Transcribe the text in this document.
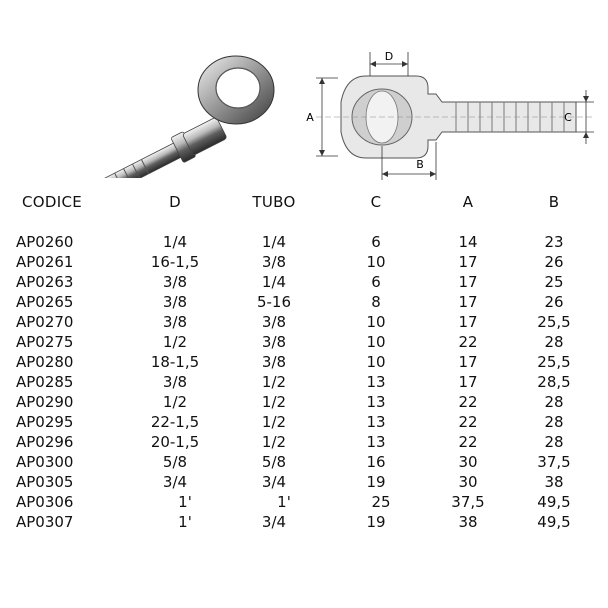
D
A
B
C
CODICE	D	TUBO	C	A	B
AP0260	1/4	1/4	6	14	23
AP0261	16-1,5	3/8	10	17	26
AP0263	3/8	1/4	6	17	25
AP0265	3/8	5-16	8	17	26
AP0270	3/8	3/8	10	17	25,5
AP0275	1/2	3/8	10	22	28
AP0280	18-1,5	3/8	10	17	25,5
AP0285	3/8	1/2	13	17	28,5
AP0290	1/2	1/2	13	22	28
AP0295	22-1,5	1/2	13	22	28
AP0296	20-1,5	1/2	13	22	28
AP0300	5/8	5/8	16	30	37,5
AP0305	3/4	3/4	19	30	38
AP0306	1'	1'	25	37,5	49,5
AP0307	1'	3/4	19	38	49,5
